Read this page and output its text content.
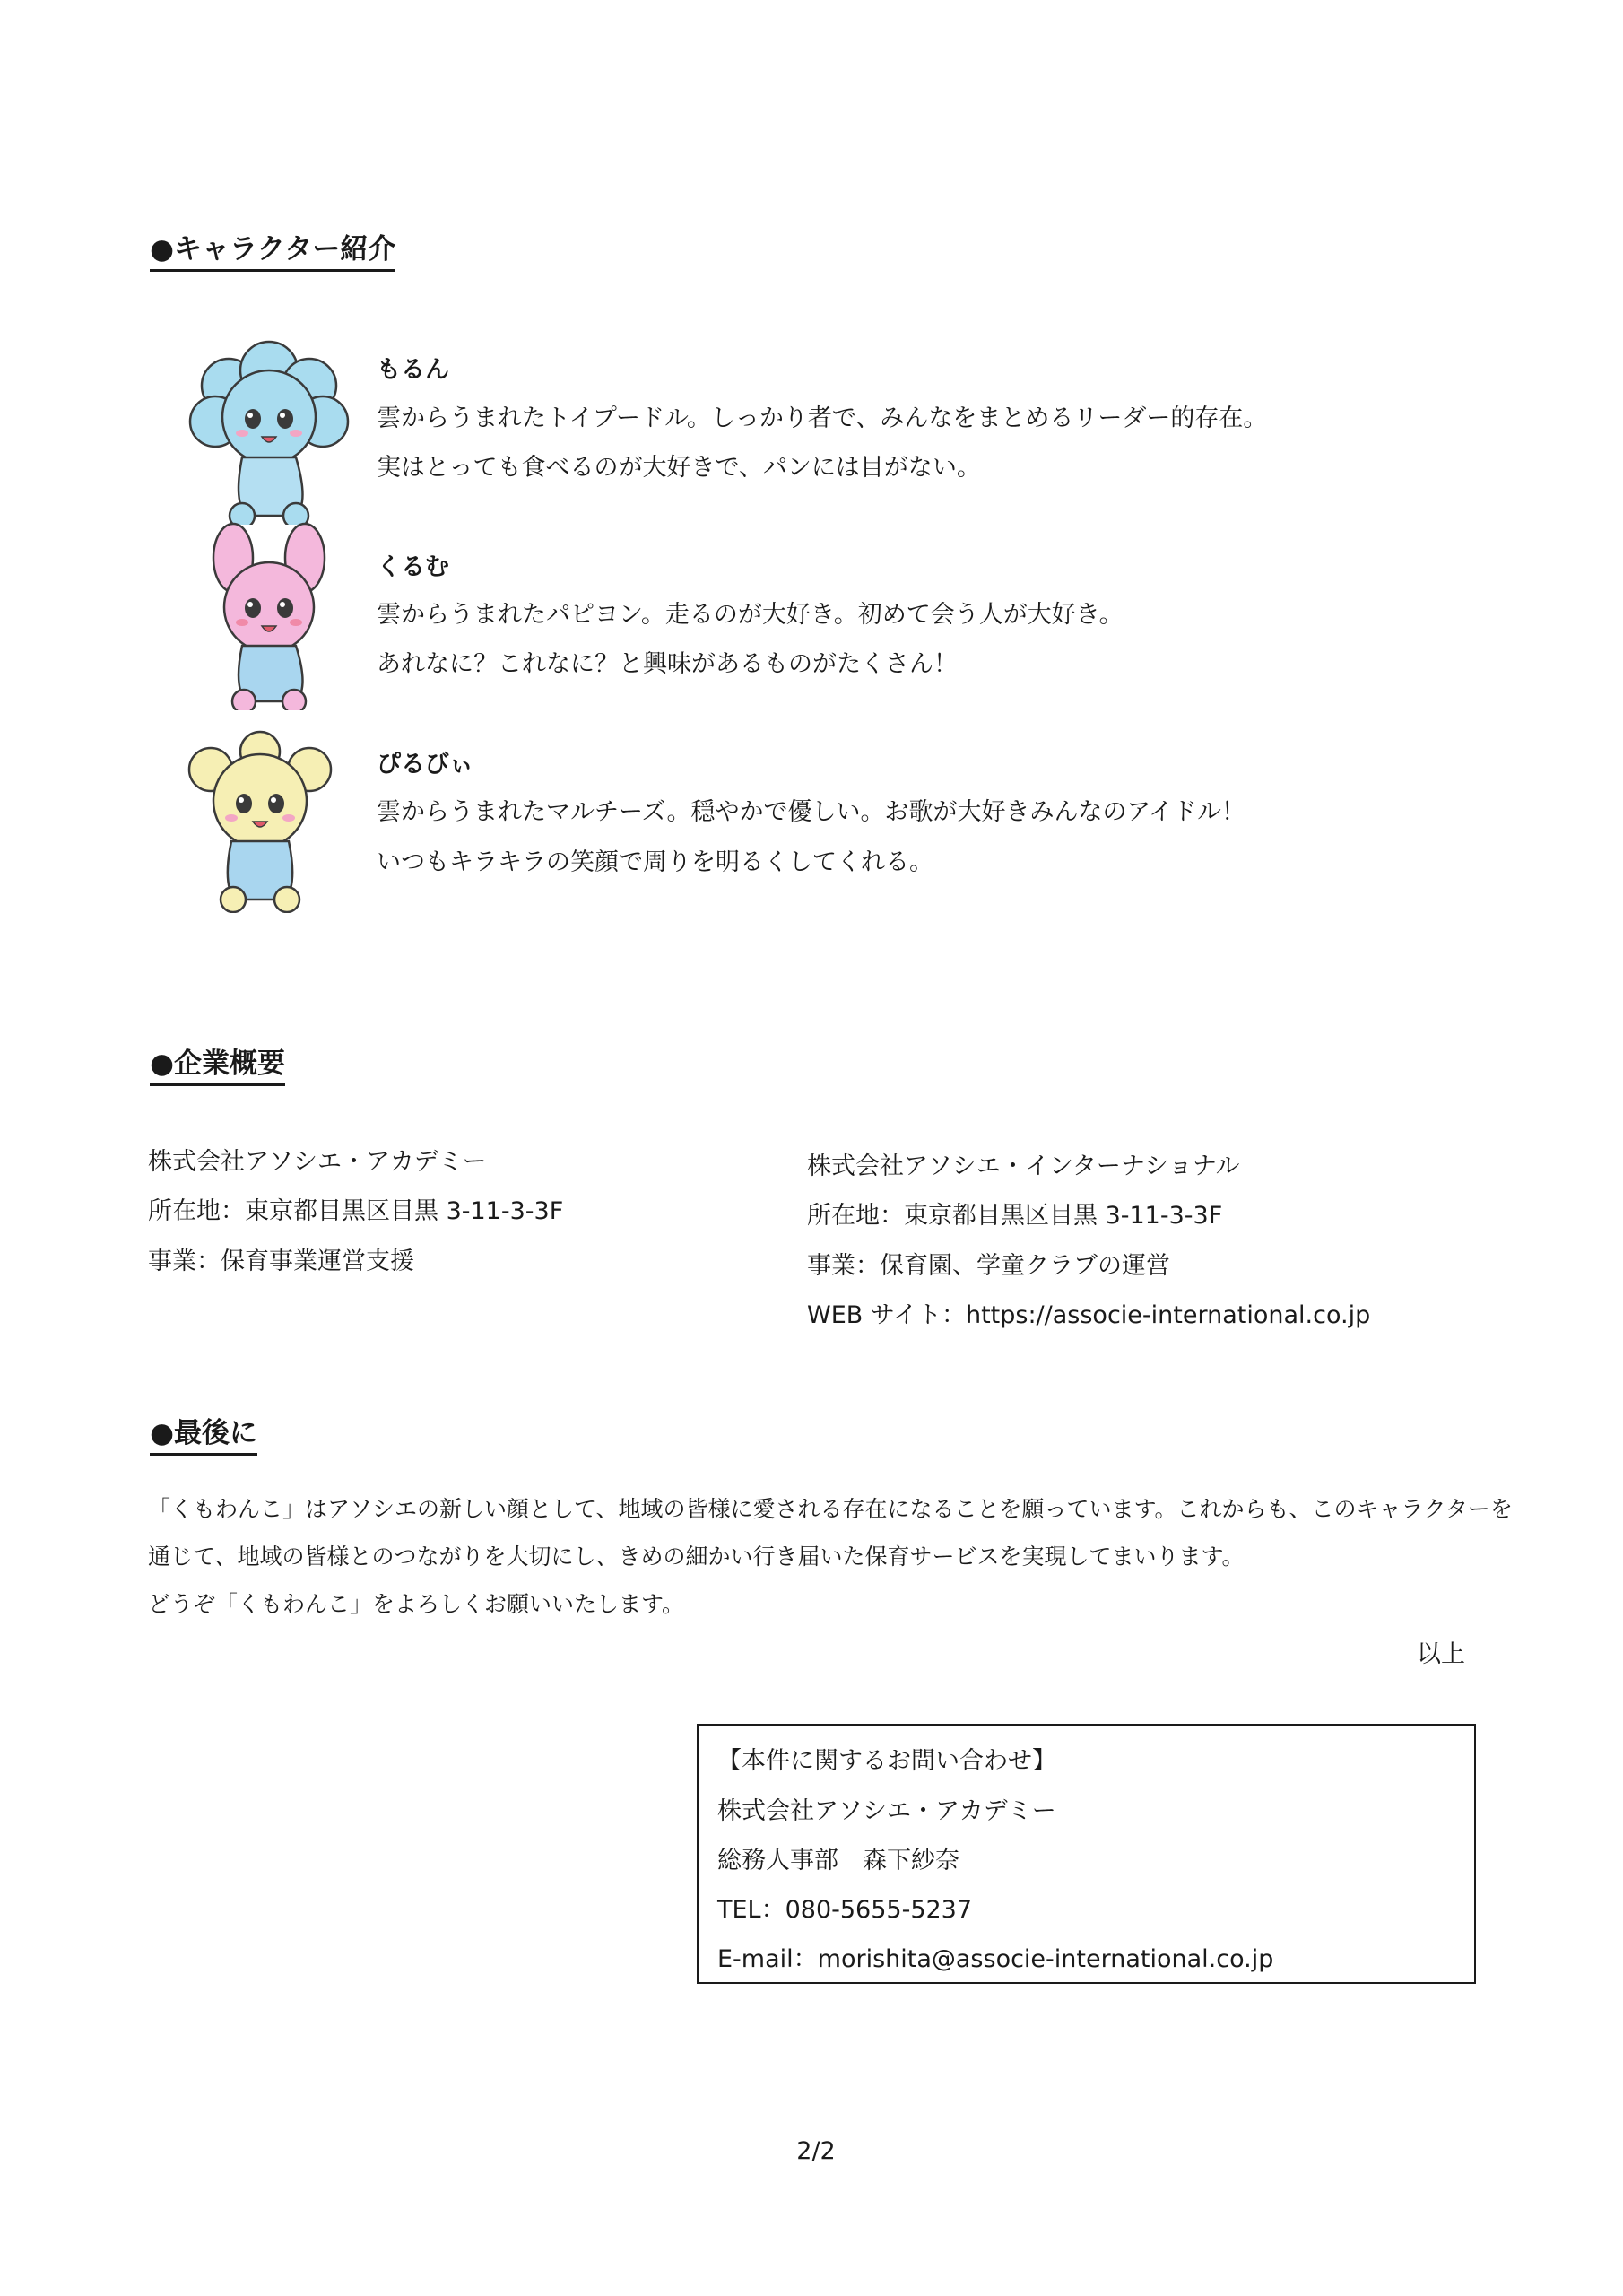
●キャラクター紹介
もるん
雲からうまれたトイプードル。しっかり者で、みんなをまとめるリーダー的存在。
実はとっても食べるのが大好きで、パンには目がない。
くるむ
雲からうまれたパピヨン。走るのが大好き。初めて会う人が大好き。
あれなに？これなに？と興味があるものがたくさん！
ぴるびぃ
雲からうまれたマルチーズ。穏やかで優しい。お歌が大好きみんなのアイドル！
いつもキラキラの笑顔で周りを明るくしてくれる。
●企業概要
株式会社アソシエ・アカデミー
所在地：東京都目黒区目黒 3-11-3-3F
事業：保育事業運営支援
株式会社アソシエ・インターナショナル
所在地：東京都目黒区目黒 3-11-3-3F
事業：保育園、学童クラブの運営
WEB サイト：https://associe-international.co.jp
●最後に
「くもわんこ」はアソシエの新しい顔として、地域の皆様に愛される存在になることを願っています。これからも、このキャラクターを
通じて、地域の皆様とのつながりを大切にし、きめの細かい行き届いた保育サービスを実現してまいります。
どうぞ「くもわんこ」をよろしくお願いいたします。
以上
【本件に関するお問い合わせ】
株式会社アソシエ・アカデミー
総務人事部　森下紗奈
TEL：080-5655-5237
E-mail：morishita@associe-international.co.jp
2/2
